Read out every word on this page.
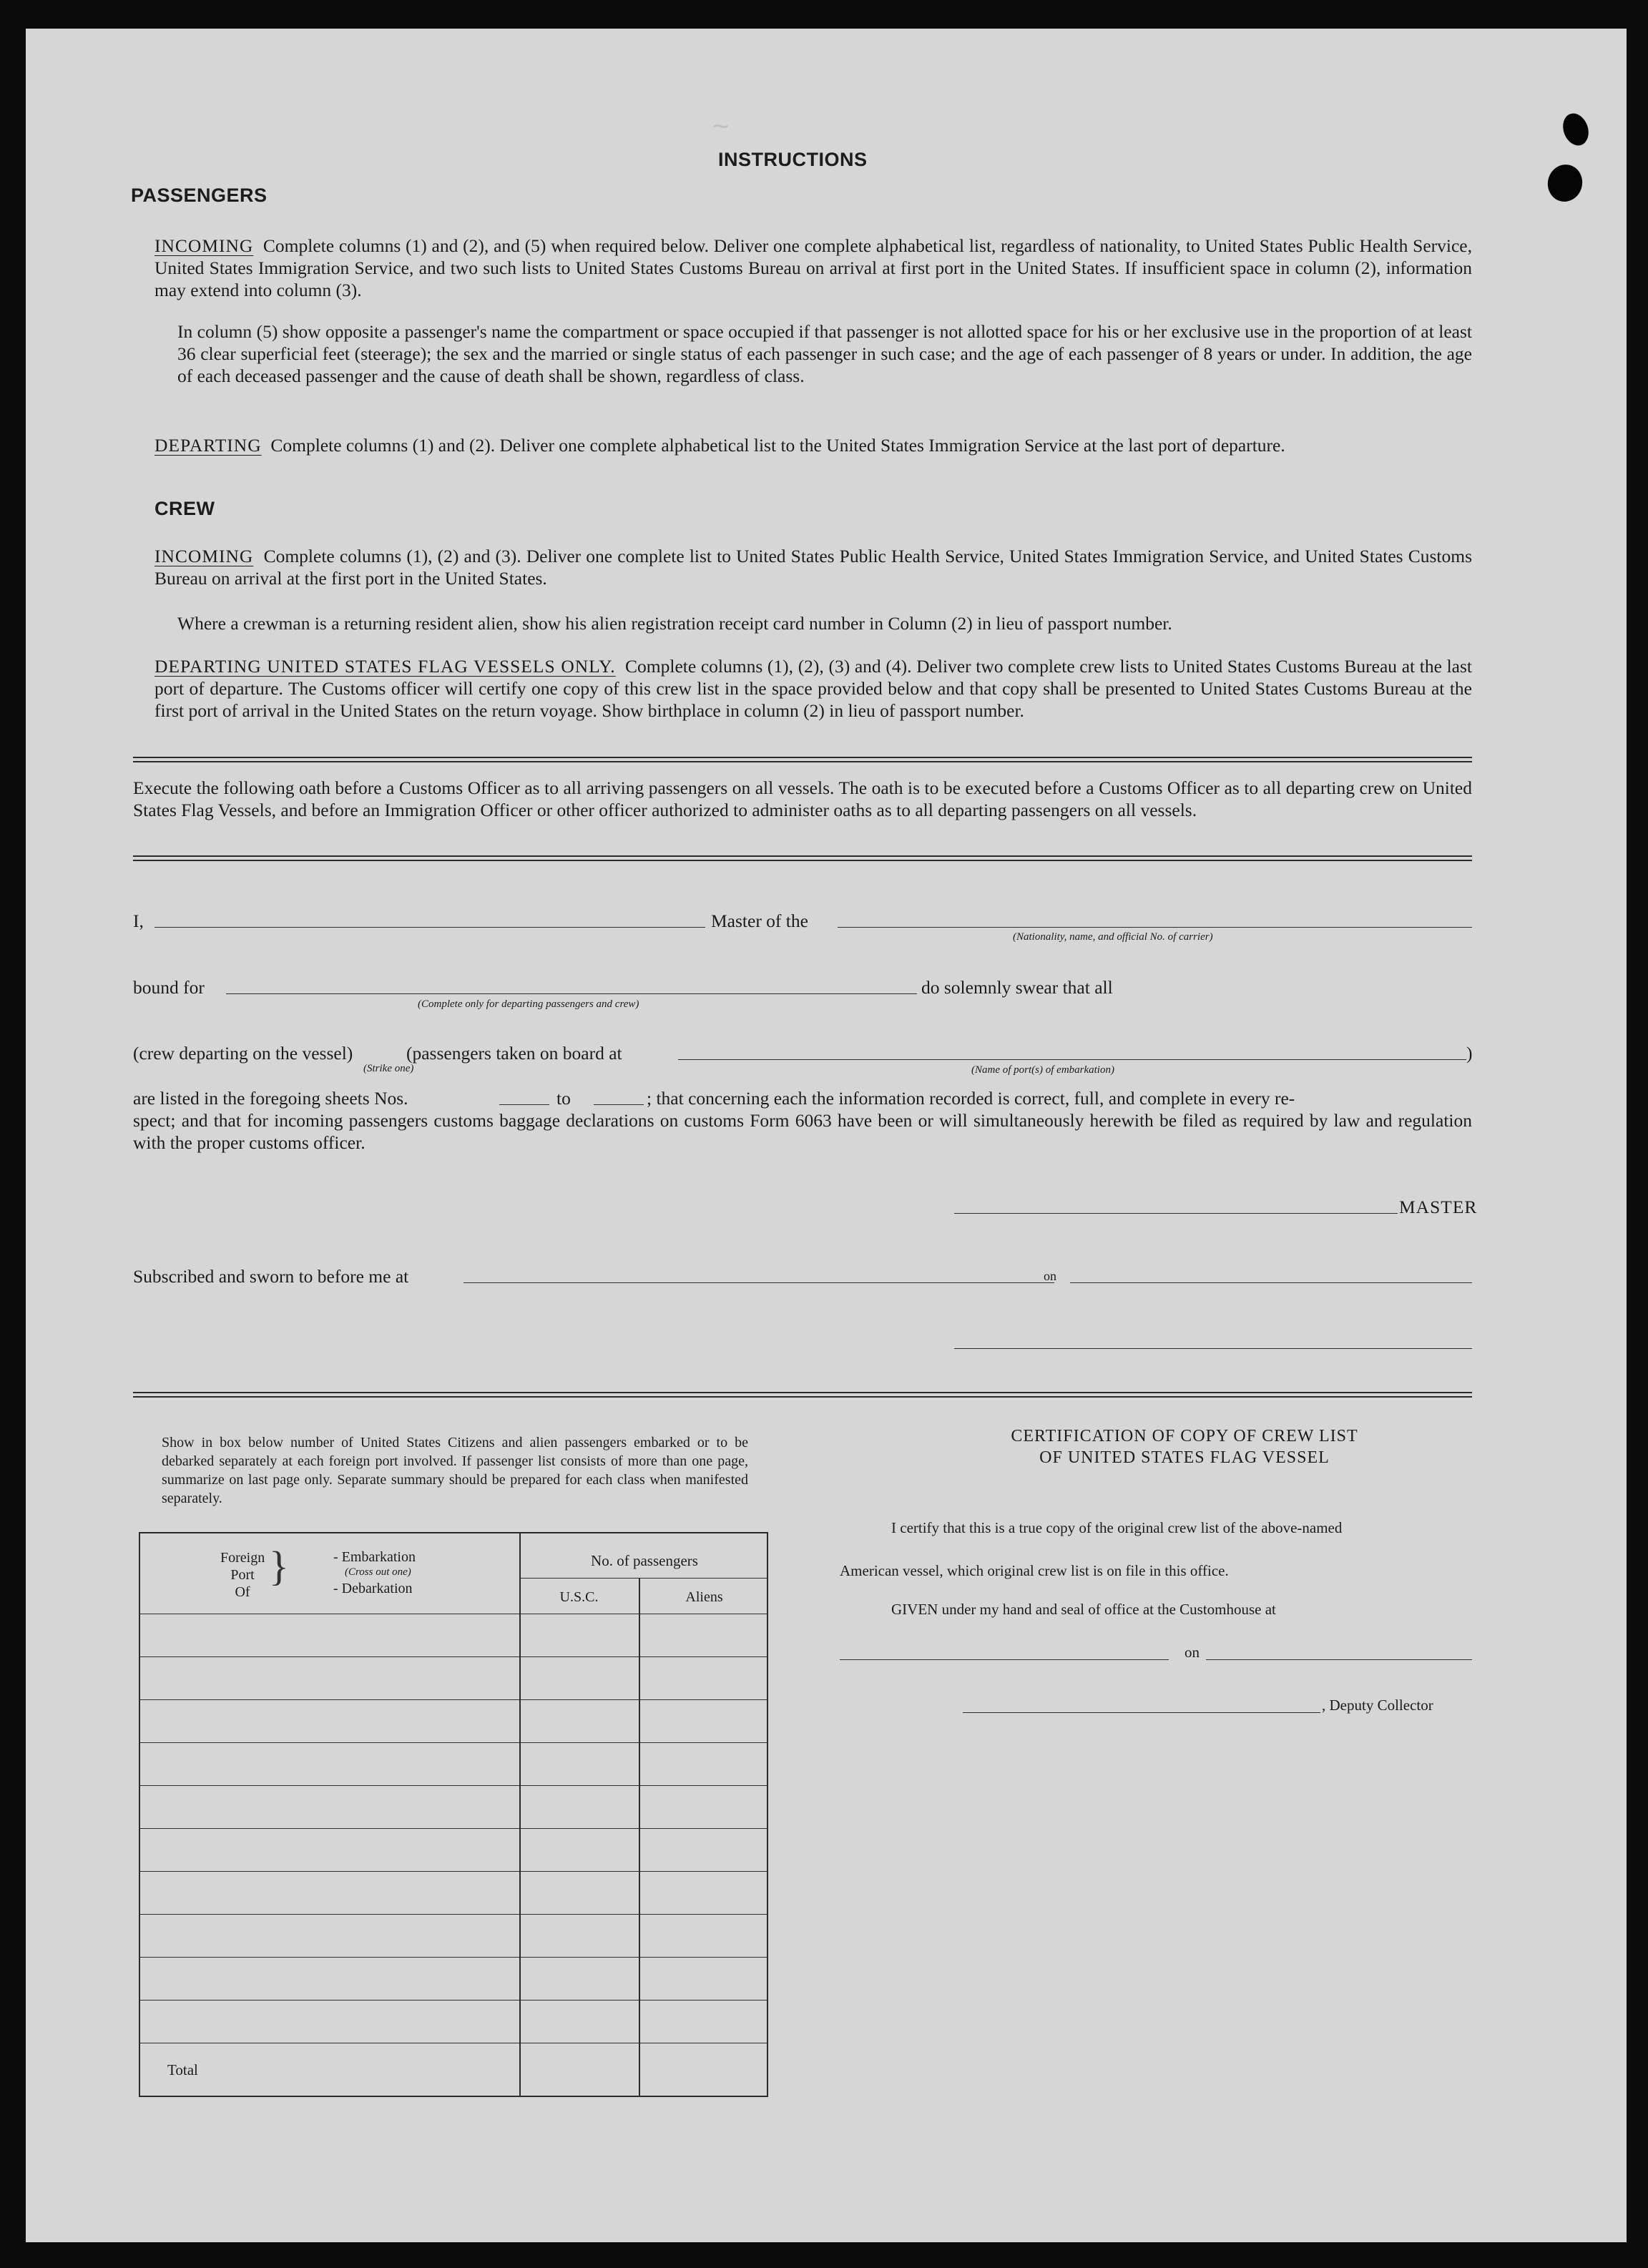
~
INSTRUCTIONS
PASSENGERS
INCOMING Complete columns (1) and (2), and (5) when required below. Deliver one complete alphabetical list, regardless of nationality, to United States Public Health Service, United States Immigration Service, and two such lists to United States Customs Bureau on arrival at first port in the United States. If insufficient space in column (2), information may extend into column (3).
In column (5) show opposite a passenger's name the compartment or space occupied if that passenger is not allotted space for his or her exclusive use in the proportion of at least 36 clear superficial feet (steerage); the sex and the married or single status of each passenger in such case; and the age of each passenger of 8 years or under. In addition, the age of each deceased passenger and the cause of death shall be shown, regardless of class.
DEPARTING Complete columns (1) and (2). Deliver one complete alphabetical list to the United States Immigration Service at the last port of departure.
CREW
INCOMING Complete columns (1), (2) and (3). Deliver one complete list to United States Public Health Service, United States Immigration Service, and United States Customs Bureau on arrival at the first port in the United States.
Where a crewman is a returning resident alien, show his alien registration receipt card number in Column (2) in lieu of passport number.
DEPARTING UNITED STATES FLAG VESSELS ONLY. Complete columns (1), (2), (3) and (4). Deliver two complete crew lists to United States Customs Bureau at the last port of departure. The Customs officer will certify one copy of this crew list in the space provided below and that copy shall be presented to United States Customs Bureau at the first port of arrival in the United States on the return voyage. Show birthplace in column (2) in lieu of passport number.
Execute the following oath before a Customs Officer as to all arriving passengers on all vessels. The oath is to be executed before a Customs Officer as to all departing crew on United States Flag Vessels, and before an Immigration Officer or other officer authorized to administer oaths as to all departing passengers on all vessels.
I,	Master of the
(Nationality, name, and official No. of carrier)
bound for
(Complete only for departing passengers and crew)
do solemnly swear that all
(crew departing on the vessel)	(passengers taken on board at	)
(Strike one)	(Name of port(s) of embarkation)
are listed in the foregoing sheets Nos.	to	; that concerning each the information recorded is correct, full, and complete in every re-
spect; and that for incoming passengers customs baggage declarations on customs Form 6063 have been or will simultaneously herewith be filed as required by law and regulation with the proper customs officer.
MASTER
Subscribed and sworn to before me at	on
Show in box below number of United States Citizens and alien passengers embarked or to be debarked separately at each foreign port involved. If passenger list consists of more than one page, summarize on last page only. Separate summary should be prepared for each class when manifested separately.
Foreign
Port
Of
}	- Embarkation
(Cross out one)
- Debarkation
No. of passengers
U.S.C.	Aliens
Total
CERTIFICATION OF COPY OF CREW LIST
OF UNITED STATES FLAG VESSEL
I certify that this is a true copy of the original crew list of the above-named
American vessel, which original crew list is on file in this office.
GIVEN under my hand and seal of office at the Customhouse at
on
, Deputy Collector
